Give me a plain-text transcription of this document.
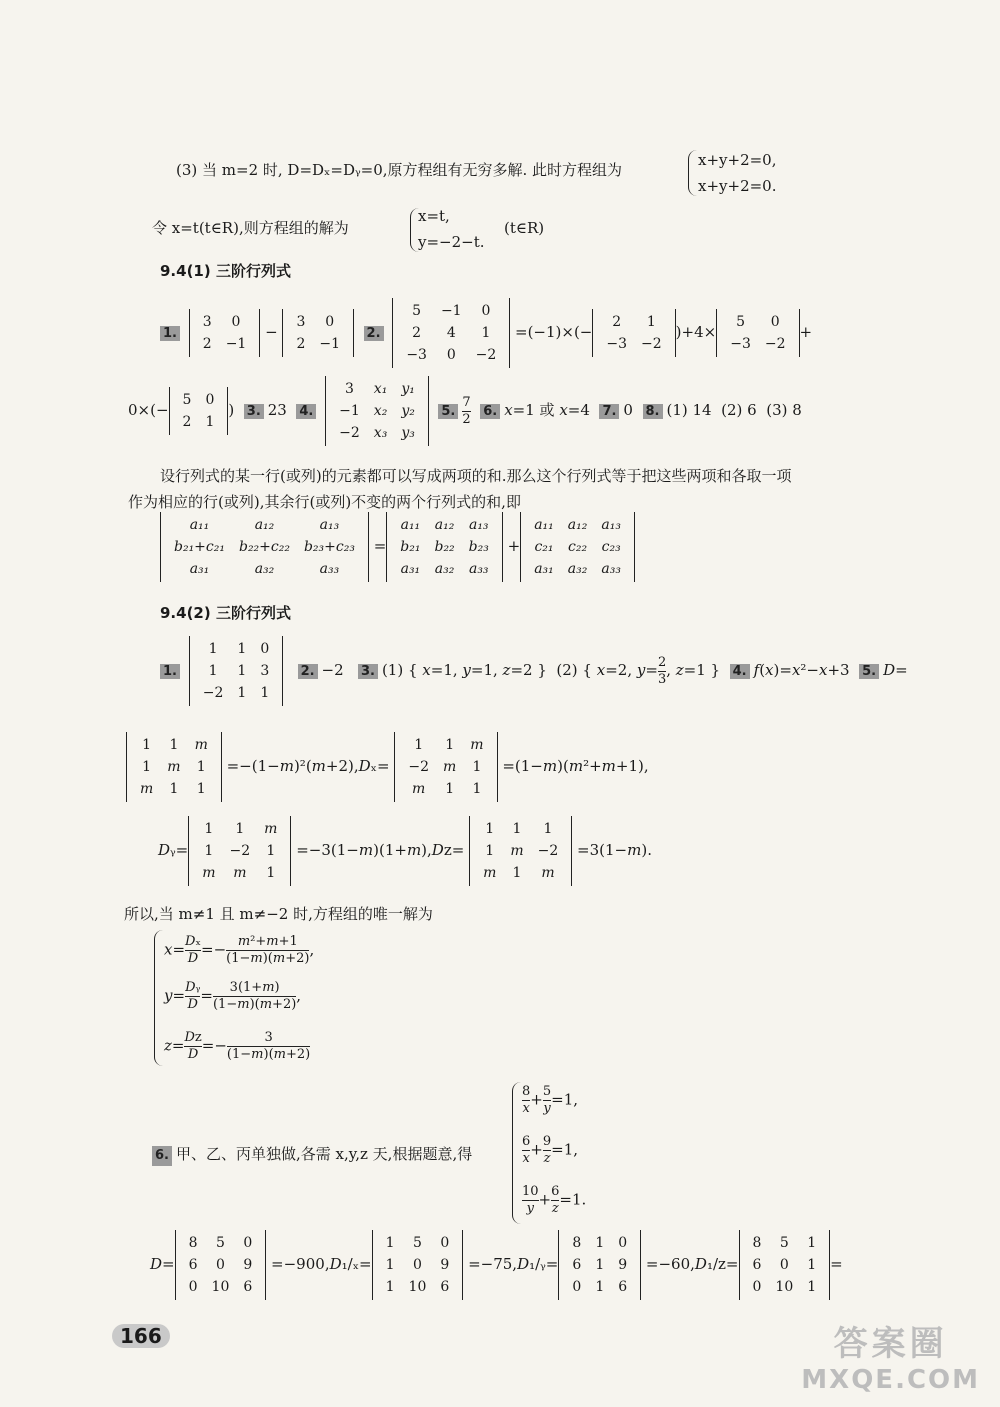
(3) 当 m=2 时, D=Dₓ=Dᵧ=0,原方程组有无穷多解. 此时方程组为
x+y+2=0,
x+y+2=0.
令 x=t(t∈R),则方程组的解为
x=t,
y=−2−t.
(t∈R)
9.4(1) 三阶行列式
1.
3	0
2	−1
−
3	0
2	−1
2.
5	−1	0
2	4	1
−3	0	−2
=(−1)×(−
2	1
−3	−2
)+4×
5	0
−3	−2
+
0×(−
5	0
2	1
)  3. 23  4.
3	x₁	y₁
−1	x₂	y₂
−2	x₃	y₃
5. $\frac{7}{2} 6$. x=1 或 x=4  7. 0  8. (1) 14  (2) 6  (3) 8
设行列式的某一行(或列)的元素都可以写成两项的和.那么这个行列式等于把这些两项和各取一项
作为相应的行(或列),其余行(或列)不变的两个行列式的和,即
a₁₁	a₁₂	a₁₃
b₂₁+c₂₁	b₂₂+c₂₂	b₂₃+c₂₃
a₃₁	a₃₂	a₃₃
=
a₁₁	a₁₂	a₁₃
b₂₁	b₂₂	b₂₃
a₃₁	a₃₂	a₃₃
+
a₁₁	a₁₂	a₁₃
c₂₁	c₂₂	c₂₃
a₃₁	a₃₂	a₃₃
9.4(2) 三阶行列式
1.
1	1	0
1	1	3
−2	1	1
2. −2   3. (1) { x=1, y=1, z=2 }  (2) { x=2, $y= \frac{2}{3}$ , z=1 }  4. f(x)=x²−x+3  5. D=
1	1	m
1	m	1
m	1	1
=−(1−m)²(m+2),Dₓ=
1	1	m
−2	m	1
m	1	1
=(1−m)(m²+m+1),
Dᵧ=
1	1	m
1	−2	1
m	m	1
=−3(1−m)(1+m),Dz=
1	1	1
1	m	−2
m	1	m
=3(1−m).
所以,当 m≠1 且 m≠−2 时,方程组的唯一解为
$x= \frac{\text{Dₓ}}{D} =- \frac{\text{m²+m+1}}{(1-m)(m+2)}$ ,
$y= \frac{\text{Dᵧ}}{D} = \frac{3(1+m)}{(1-m)(m+2)}$ ,
$z= \frac{Dz}{D} =- \frac{3}{(1-m)(m+2)}$
6. 甲、乙、丙单独做,各需 x,y,z 天,根据题意,得
$\frac{8}{x} + \frac{5}{y} =1$,
$\frac{6}{x} + \frac{9}{z} =1$,
$\frac{10}{y} + \frac{6}{z} =1$.
D=
8	5	0
6	0	9
0	10	6
=−900,D₁/ₓ=
1	5	0
1	0	9
1	10	6
=−75,D₁/ᵧ=
8	1	0
6	1	9
0	1	6
=−60,D₁/z=
8	5	1
6	0	1
0	10	1
=
166	答案圈
MXQE.COM
